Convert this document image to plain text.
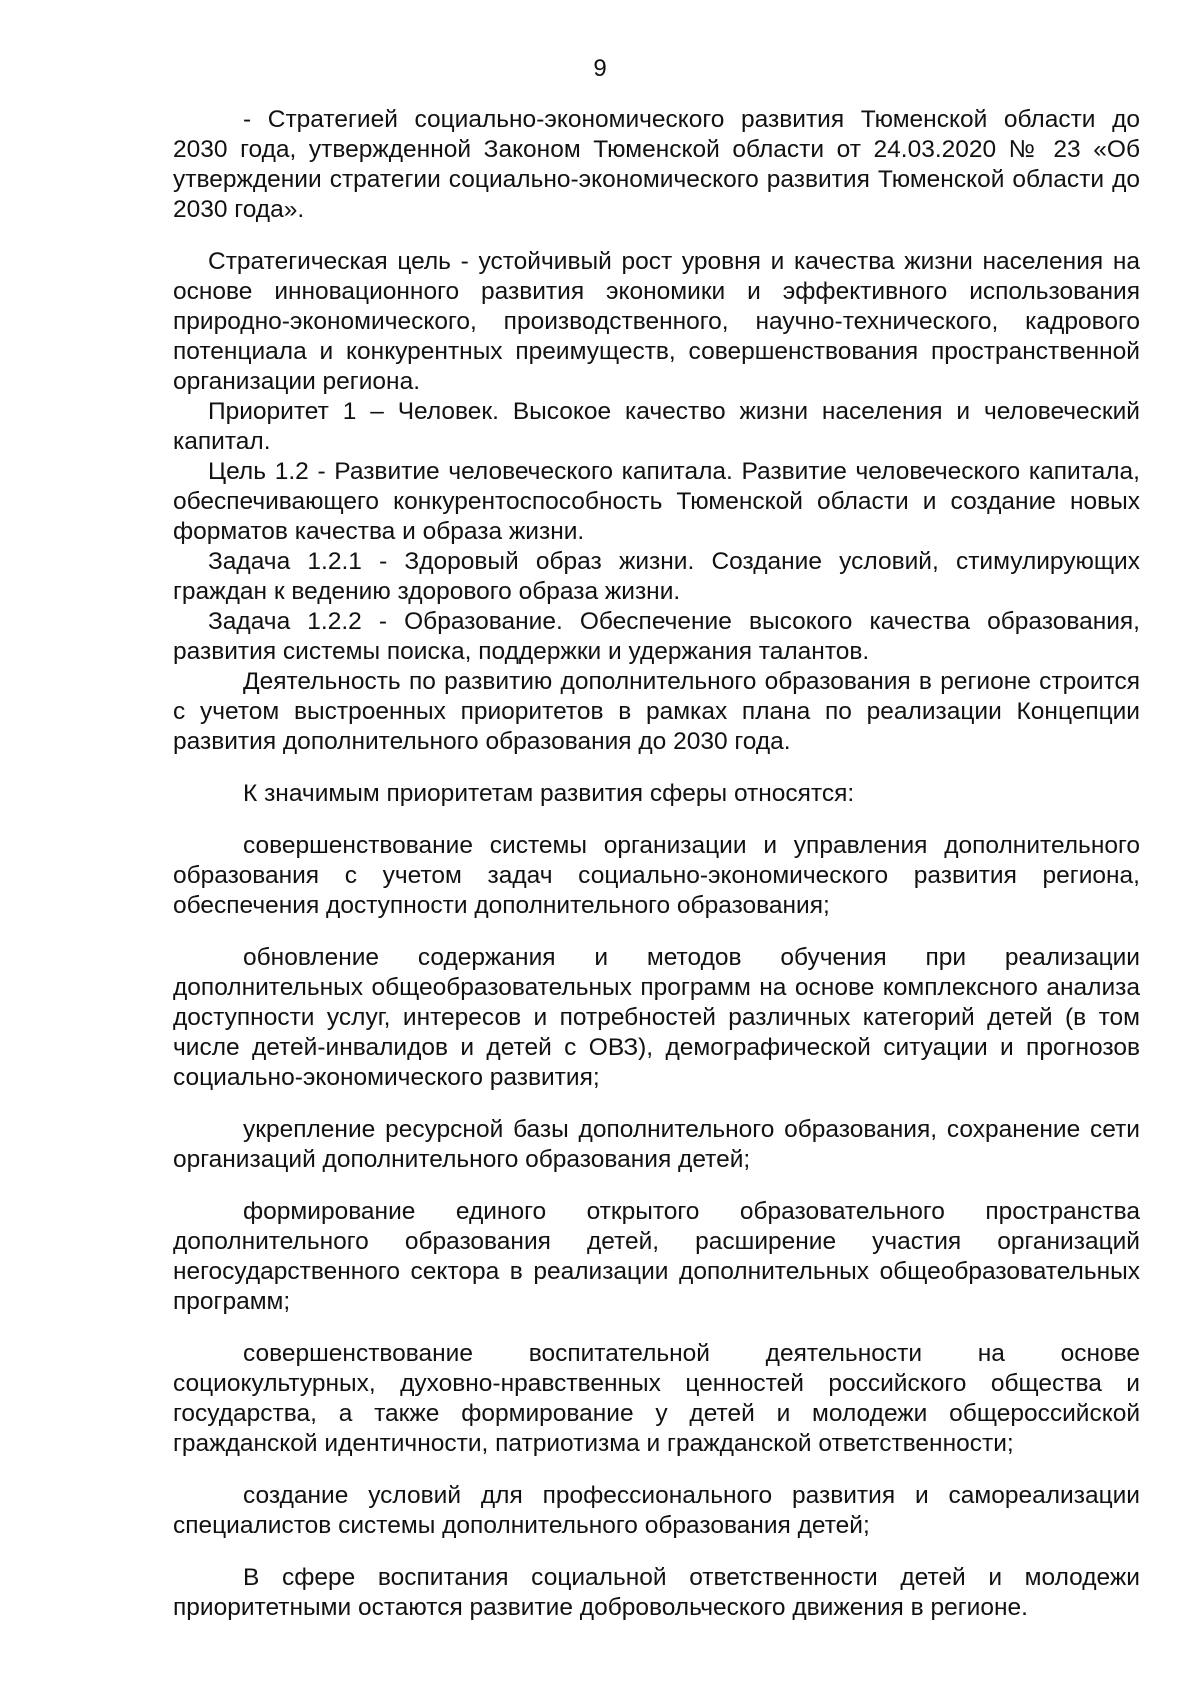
9

- Стратегией социально-экономического развития Тюменской области до 2030 года, утвержденной Законом Тюменской области от 24.03.2020 № 23 «Об утверждении стратегии социально-экономического развития Тюменской области до 2030 года».

Стратегическая цель - устойчивый рост уровня и качества жизни населения на основе инновационного развития экономики и эффективного использования природно-экономического, производственного, научно-технического, кадрового потенциала и конкурентных преимуществ, совершенствования пространственной организации региона.

Приоритет 1 – Человек. Высокое качество жизни населения и человеческий капитал.

Цель 1.2 - Развитие человеческого капитала. Развитие человеческого капитала, обеспечивающего конкурентоспособность Тюменской области и создание новых форматов качества и образа жизни.

Задача 1.2.1 - Здоровый образ жизни. Создание условий, стимулирующих граждан к ведению здорового образа жизни.

Задача 1.2.2 - Образование. Обеспечение высокого качества образования, развития системы поиска, поддержки и удержания талантов.

Деятельность по развитию дополнительного образования в регионе строится с учетом выстроенных приоритетов в рамках плана по реализации Концепции развития дополнительного образования до 2030 года.

К значимым приоритетам развития сферы относятся:

совершенствование системы организации и управления дополнительного образования с учетом задач социально-экономического развития региона, обеспечения доступности дополнительного образования;

обновление содержания и методов обучения при реализации дополнительных общеобразовательных программ на основе комплексного анализа доступности услуг, интересов и потребностей различных категорий детей (в том числе детей-инвалидов и детей с ОВЗ), демографической ситуации и прогнозов социально-экономического развития;

укрепление ресурсной базы дополнительного образования, сохранение сети организаций дополнительного образования детей;

формирование единого открытого образовательного пространства дополнительного образования детей, расширение участия организаций негосударственного сектора в реализации дополнительных общеобразовательных программ;

совершенствование воспитательной деятельности на основе социокультурных, духовно-нравственных ценностей российского общества и государства, а также формирование у детей и молодежи общероссийской гражданской идентичности, патриотизма и гражданской ответственности;

создание условий для профессионального развития и самореализации специалистов системы дополнительного образования детей;

В сфере воспитания социальной ответственности детей и молодежи приоритетными остаются развитие добровольческого движения в регионе.
